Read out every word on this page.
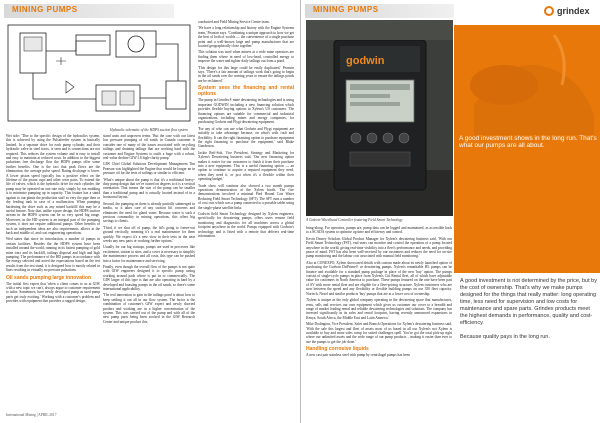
MINING PUMPS
Hydraulic schematic of the HDPS suction flow system

Wet side: "Due to the specific design of the hydraulics system, this is achieved by using the Pulsafeeder system in basically limited. In a separate drive for each pump cylinder, and their hydraulic valve in steel tracts, is seen and is connections are not required. This reduces the system volume and is easy to install and easy to maintain at reduced costs. In addition to the biggest pulsations free discharge flow the HDPS pumps offer some further benefits. One is the fact that peak flows are the elimination, the average pulse speed. Rating discharge is lower. A lower piston speed typically has a positive effect on the lifetime of the piston cups and other wear parts. To extend the life of valves, which is the hydraulic drive for each cylinder, the pump may be operated on one rate only, simply by not enabling it to minimise pumping up in capacity. This feature has a stand against to our plants the production stuff so very the pipe then or dry feeding tank in case of a malfunction. When pumping hardening the drive such as any mined backfill this may be a useful feature. Note that, unlike a pure design, the HDPS suction stream in the HDPS system can be so very speed big range. Moreover, as the HD system is an integral part of the pumping system, it does not require additional pumps. Other benefits of such an independent ideas are also requirements, allows at the back and middle of, and cost engineering operations.

Wed states that since its introduction, a number of pumps in certain facilities. Besides the the HDPS system have been installed around the world, running in its fastest pumping of gold mine tract and its backfill, tailings disposal and high and high pumping. The performance of the HD pumps in accordance with the energy selected and noted the expectations based on the test results from the test stand, it is designed how is mostly related in lines resulting in virtually no pressure pulsations.

Oil sands pumping large innovation

The initial first expert that 'when a client comes to us at GIW with a new topic we can't, always argue to customer requirement to tailor. Sometimes, have newly developed pump as used pump parts get truly exciting.' Working with a customer's problem and provides with equipment that provides a rugged design.

stand units and unproven terms. 'But the case with our latest low pressure pumping of oil sands in Canada customer is consider one of many of the issues associated with recycling tailings and draining tailings that are working hard with the customer and Engine Systems to outfit a huge with a robust, real-value decline GIW LS high-clarity pump.'

GIW Chief Global Solutions Development Management Tim Pearson was highlighted the Engine that would be longer an in pressure oil for the tests of tailings or similar to efficient.

'What's unique about the pump is that it's a traditional heavy-duty pump design that we've turned on degrees to it is a vertical orientation. That means the size of the pump can be smaller than a traditional pump and is actually located instead of in a horizontal layout.'

Second, the pumping on them is already partially submerged in media, so it takes care of any suction lift concerns and eliminates the need for gland water. Because water is such a precious commodity in mining operations, this offers big savings to clients.

'Third, if we shut off of pump, the lid's going to freeze-out ground vertically, meaning it's a real maintenance for them quickly. We expect it's a new view in their tests in the near weeks any new parts or working further options.'

Usually for our big startups, pumps are used in processes like excitement, station to sites, and a cover is necessary to simplify the maintenance process and all costs, this type can be pushed into a factor for maintenance and servicing.

Finally, even though the overall flow of the pumps is not quite with GIW engineers designed it to specific pump casing working around pads where is put in to commercially. The GIW larger of this type is that are also operating in hard by a developed and boasting pumps in the oil sands, so there's some international applicability.

'The real innovation to gain in the tailings pond is about how to keep settling it out all in our flow system. The factor is the combination of customer's GIW expert and newly slurried product and working are in a higher concentration of the system. This was carried out of the pump and with all of the new pump parts being been stocked in the GIW Research Center and unique product this.

conducted and Field Mining Service Centre team.

'We have a long relationship and history with the Engine Systems team,' Pearson says. 'Combining a unique approach to how we get the best of both of worlds — the convenience of a single purchase point and a well-known large and pump manufacturer that are located geographically close together.'

This solution was used when miners at a wide mine operators are finding them where in need of low-head, controlled energy to improve the water and tighter daily tailings out from a pond.

'This design for this large could be easily duplicated,' Pearson says. 'There's a fair amount of tailings work that's going to begin in the oil sands over the coming years to ensure the tailings ponds are be reclaimed.'

System sees the financing and rental options

The pump in Grindex® mine dewatering technologies and is using important GODWIN including a new financing solution which provides flexible buying options to Xylem's US customers. The financing options are suitable for commercial and industrial organizations, including mines and energy companies, for purchasing Godwin and Flygt dewatering equipment.

'For any of who can use what Godwin and Flygt equipment are suitably to take advantage because, on what's with cash and flexibility. It can the right financing option to purchase equipment the right financing to purchase the equipment,' said Blake Gunderson.

Jackie Reif-Sok, Vice President, Strategy and Marketing for Xylem's Dewatering business said, 'Our new financing option makes it easier for our customers to finish it from their purchase into a new equipment. This is a useful financing option — an option to continue to acquire a required equipment they need, when they need it, or just when it's a flexible within their operating budget.'

Trade show will continue also showed a two month pumps operations demonstration at the Xylem booth. The five demonstrations involved a minimal Pied Hound Cats Water Reducing Field Smart Technology (SFT). The SFT runs a number of cost cuts which was a pump connected to a portable tablet using the single-phase satellite links.

Godwin field Smart Technology designed by Xylem engineers, specifically for dewatering pumps, offers users remote field monitoring and diagnostics for all machines across a global footprint anywhere in the world. Pumps equipped with Godwin's technology and is fitted with a remote that delivers real-time information.

International Mining | APRIL 2017
MINING PUMPS
godwin
A Godwin Wheelhead Controller featuring Field Smart Technology

bring-along. For operators, pumps are, pump data can be logged and maintained, as accessible back to a SCADA system to optimise up time and efficiency and control.

Kevin Dearey Scholars Global Product Manager for Xylem's dewatering business said, 'With our Field Smart Technology (FST), end users can monitor and control the operation of a pump located anywhere in the world, giving real-time visibility into a fleet's performance and needs, and providing peace of mind. FST has also been well-received by our customers and reduces the need for on-site pump monitoring and the labour cost associated with manual field monitoring.'

Also at CONEXPO, Xylem showcased details with custom made about its newly launched option of purchasing the Godwin DriPrime® or dewatering pumps. Xylem's remarkable HL pumps can be finance and available for a standard pump package in place of the new 'buy' option. The pumps consist of single-cycle pumps in place from Xylem's Citi Rental fleet, all of which have adjustable value for customers in North America to purchase. These pumps featured on the rate have been part of SV with more rental fleet and are eligible for a fleet-pricing structure. Xylem customers who are now between the speed and any flexibility or flexible building pumps on our 350 fleet capacity. Nortech, Nexel and similar products 'buy' pumps that are at a lower cost of ownership.

'Xylem is unique as the only global company operating in the dewatering space that manufactures, rents, sells and services our own equipment which gives us customer our cover to a breadth and range of market leading rental and reliable dewatering technologies and solutions. The company has invested significantly in its sales and rental footprint, having recently announced expansions in Kenya, South Africa, the Middle East and Latin America.'

Mike Dodington, Vice President, Sales and Branch Operations for Xylem's dewatering business said, 'With the sale this largest and fleet of assets most of us based in all our Xylem's not Xylem is available to buy and more sales comp for suited challenges spell. You've got the total pick-up right where our unlimited assets and the wide range of our pump products – making it easier than ever to use the pumps to get the job done.'

Handling corrosive liquids

A new cast pair stainless steel with pump by centrifugal pumps has been

grindex
A good investment shows in the long run. That's what our pumps are all about.

A good investment is not determined by the price, but by the cost of ownership. That's why we make pumps designed for the things that really matter: long operating time, less need for supervision and low costs for maintenance and spare parts. Grindex products meet the highest demands in performance, quality and cost-efficiency.

Because quality pays in the long run.
